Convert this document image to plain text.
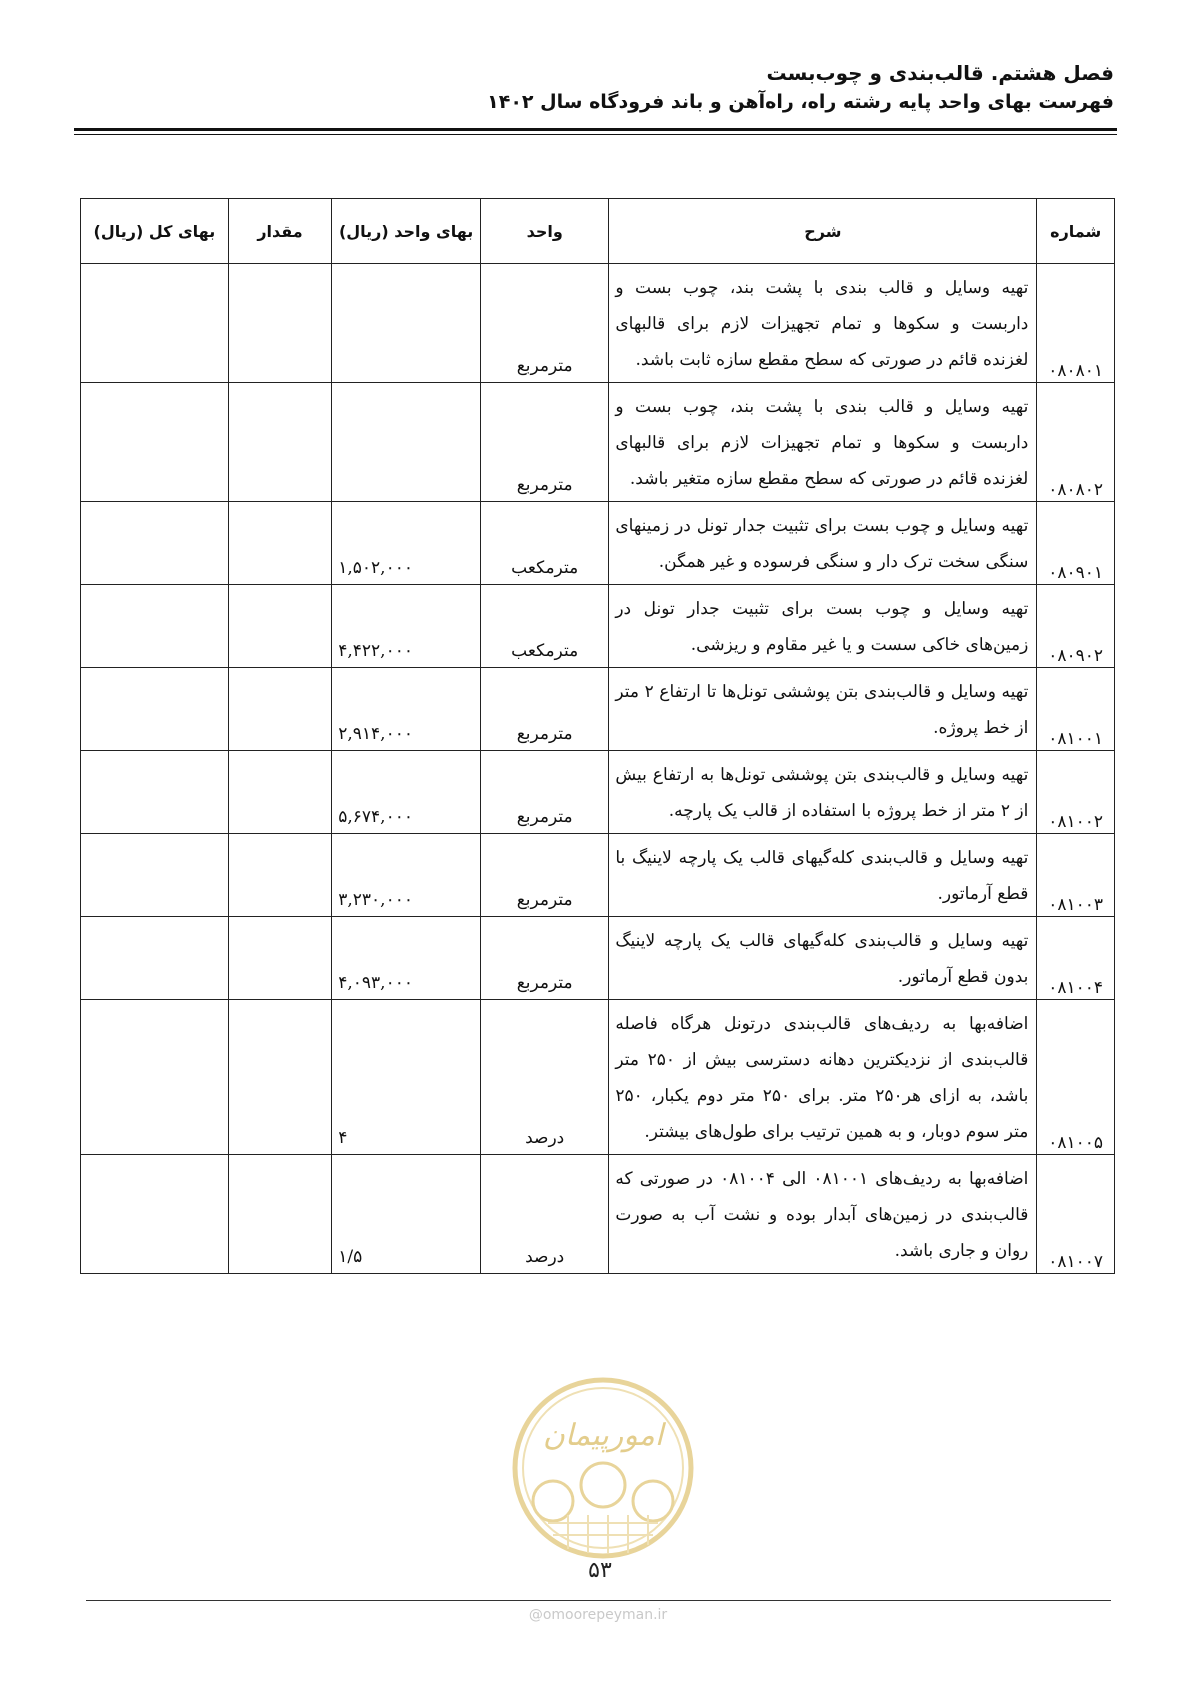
فصل هشتم. قالب‌بندی و چوب‌بست
فهرست بهای واحد پایه رشته راه، راه‌آهن و باند فرودگاه سال ۱۴۰۲
شماره	شرح	واحد	بهای واحد (ریال)	مقدار	بهای کل (ریال)
۰۸۰۸۰۱	تهیه وسایل و قالب بندی با پشت بند، چوب بست و داربست و سکوها و تمام تجهیزات لازم برای قالبهای لغزنده قائم در صورتی که سطح مقطع سازه ثابت باشد.	مترمربع			
۰۸۰۸۰۲	تهیه وسایل و قالب بندی با پشت بند، چوب بست و داربست و سکوها و تمام تجهیزات لازم برای قالبهای لغزنده قائم در صورتی که سطح مقطع سازه متغیر باشد.	مترمربع			
۰۸۰۹۰۱	تهیه وسایل و چوب بست برای تثبیت جدار تونل در زمینهای سنگی سخت ترک دار و سنگی فرسوده و غیر همگن.	مترمکعب	۱,۵۰۲,۰۰۰		
۰۸۰۹۰۲	تهیه وسایل و چوب بست برای تثبیت جدار تونل در زمین‌های خاکی سست و یا غیر مقاوم و ریزشی.	مترمکعب	۴,۴۲۲,۰۰۰		
۰۸۱۰۰۱	تهیه وسایل و قالب‌بندی بتن پوششی تونل‌ها تا ارتفاع ۲ متر از خط پروژه.	مترمربع	۲,۹۱۴,۰۰۰		
۰۸۱۰۰۲	تهیه وسایل و قالب‌بندی بتن پوششی تونل‌ها به ارتفاع بیش از ۲ متر از خط پروژه با استفاده از قالب یک پارچه.	مترمربع	۵,۶۷۴,۰۰۰		
۰۸۱۰۰۳	تهیه وسایل و قالب‌بندی کله‌گیهای قالب یک پارچه لاینیگ با قطع آرماتور.	مترمربع	۳,۲۳۰,۰۰۰		
۰۸۱۰۰۴	تهیه وسایل و قالب‌بندی کله‌گیهای قالب یک پارچه لاینیگ بدون قطع آرماتور.	مترمربع	۴,۰۹۳,۰۰۰		
۰۸۱۰۰۵	اضافه‌بها به ردیف‌های قالب‌بندی درتونل هرگاه فاصله قالب‌بندی از نزدیکترین دهانه دسترسی بیش از ۲۵۰ متر باشد، به ازای هر۲۵۰ متر. برای ۲۵۰ متر دوم یکبار، ۲۵۰ متر سوم دوبار، و به همین ترتیب برای طول‌های بیشتر.	درصد	۴		
۰۸۱۰۰۷	اضافه‌بها به ردیف‌های ۰۸۱۰۰۱ الی ۰۸۱۰۰۴ در صورتی که قالب‌بندی در زمین‌های آبدار بوده و نشت آب به صورت روان و جاری باشد.	درصد	۱/۵		
امورپیمان
۵۳
@omoorepeyman.ir
